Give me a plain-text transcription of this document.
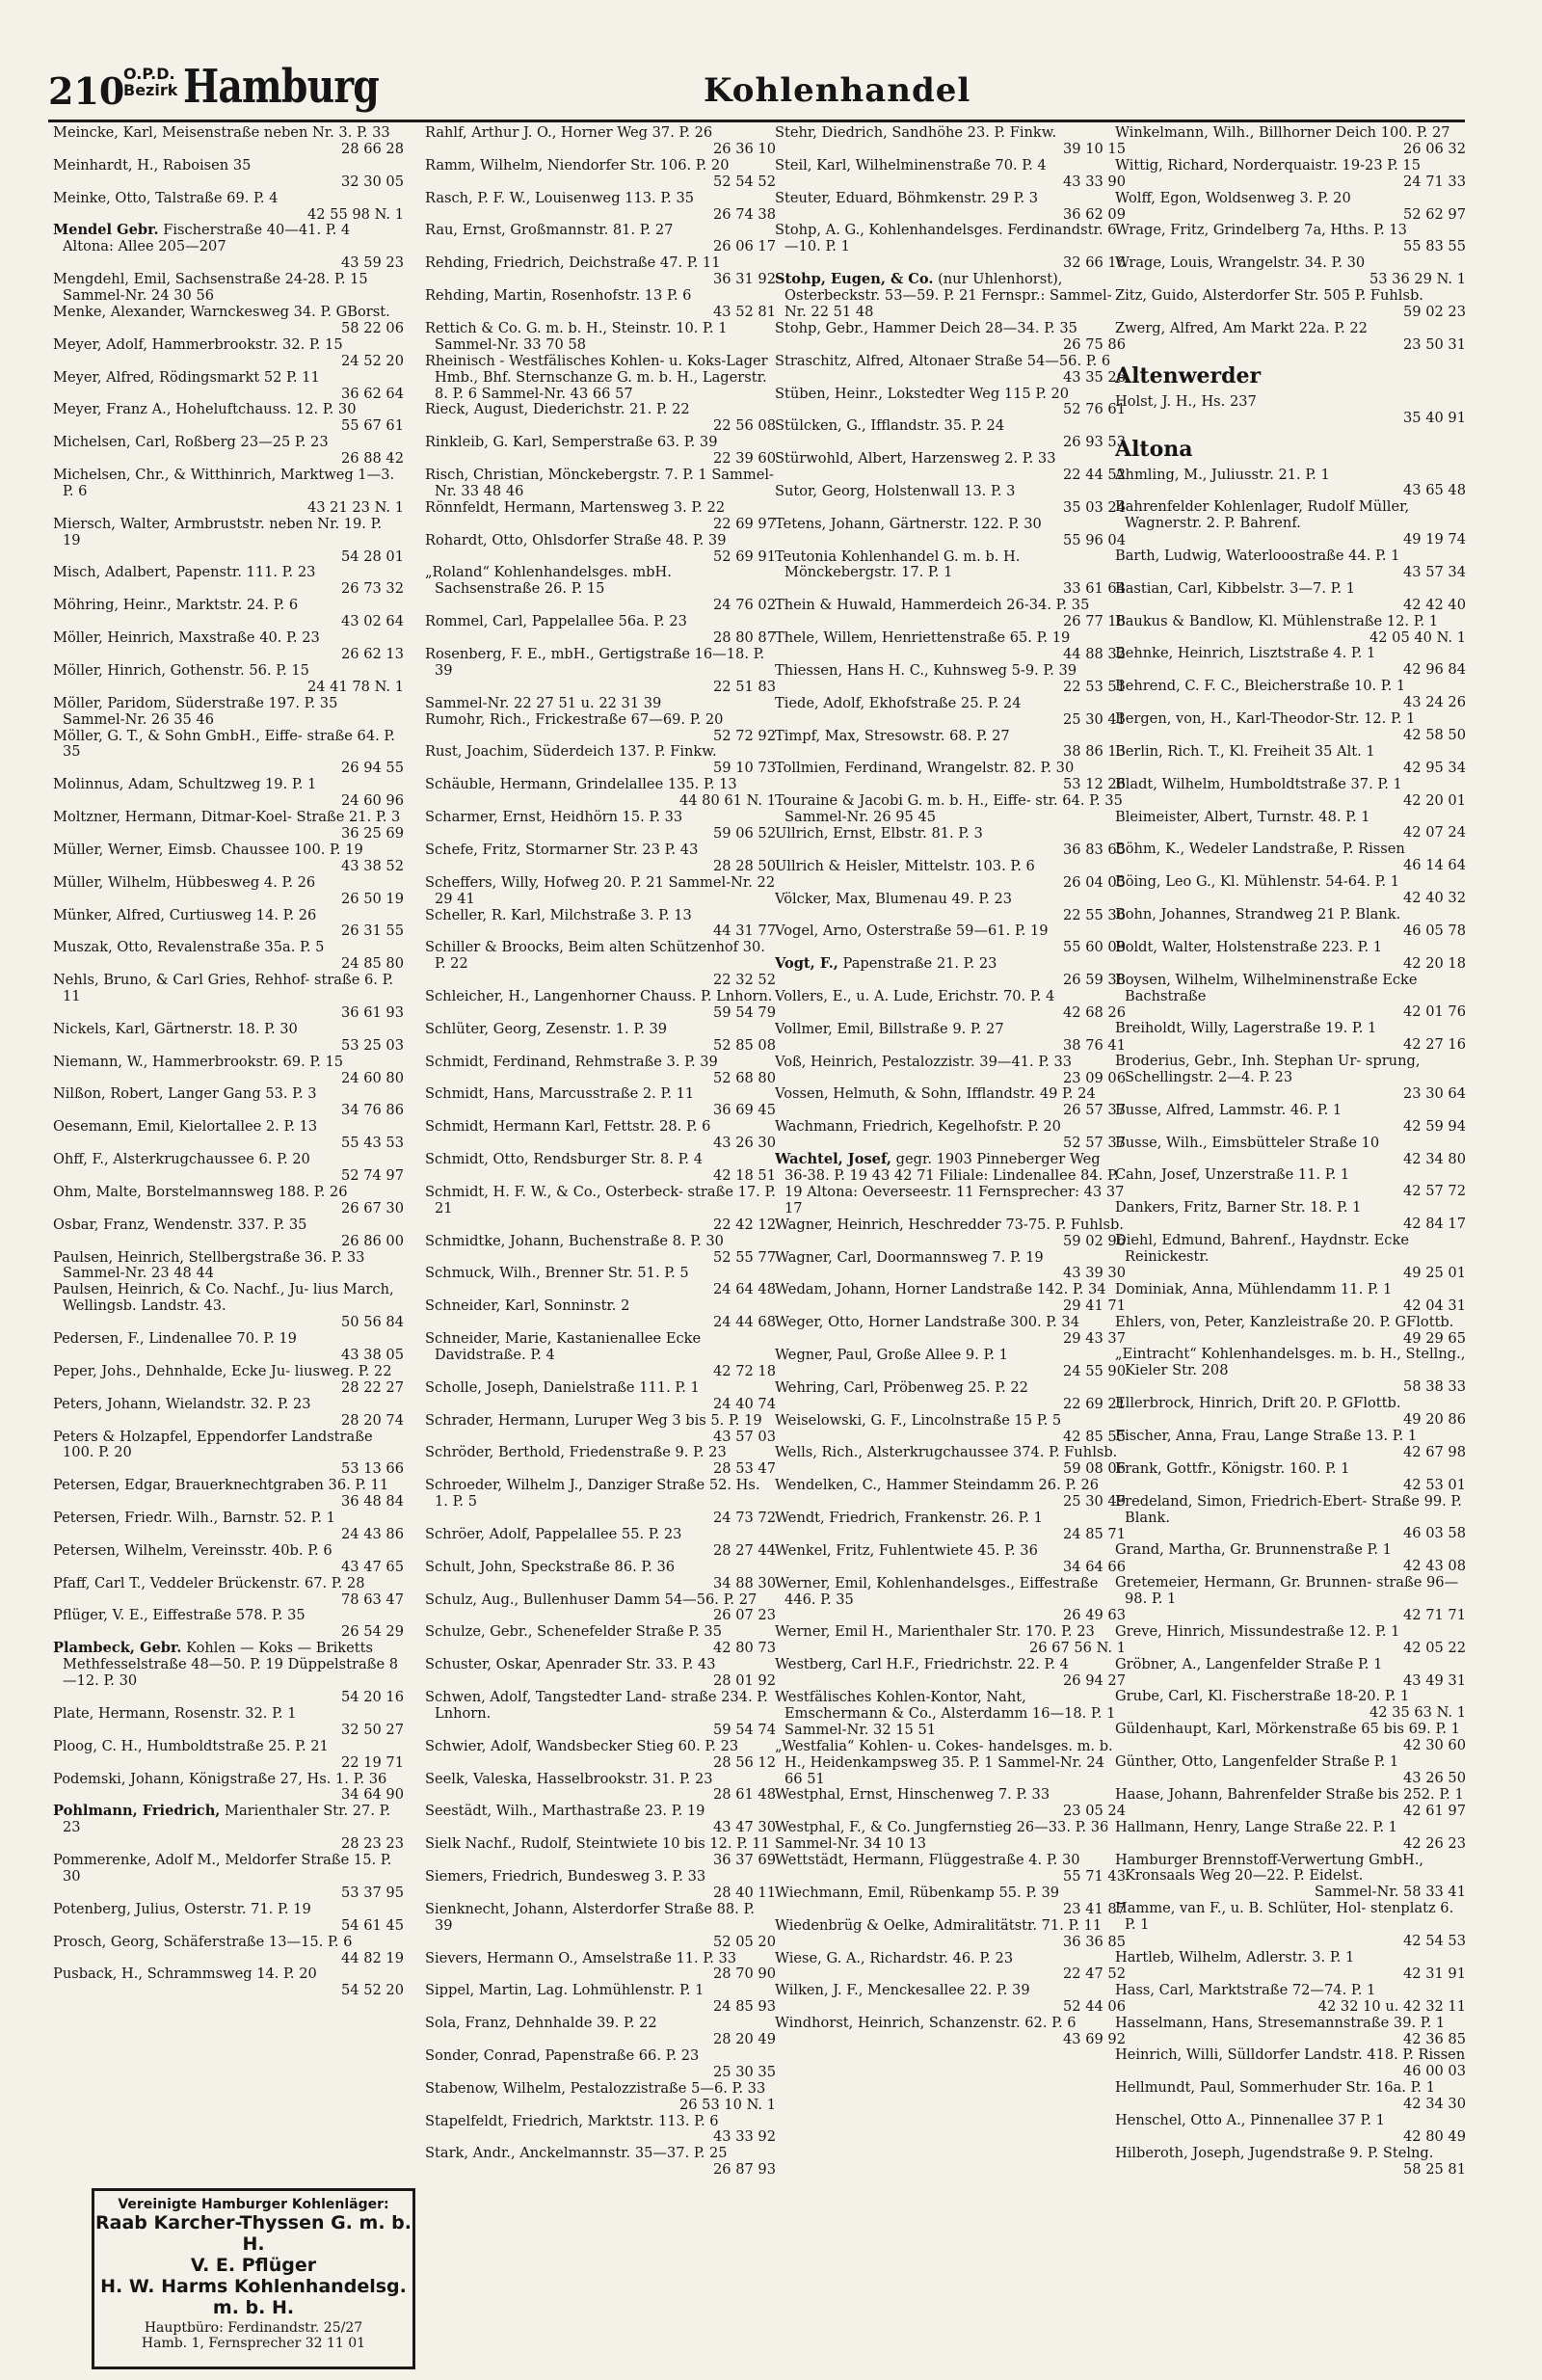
210
O.P.D.
Bezirk Hamburg	Kohlenhandel
Meincke, Karl, Meisenstraße neben Nr. 3. P. 33
28 66 28
Meinhardt, H., Raboisen 35
32 30 05
Meinke, Otto, Talstraße 69. P. 4
42 55 98 N. 1
Mendel Gebr. Fischerstraße 40—41. P. 4 Altona: Allee 205—207
43 59 23
Mengdehl, Emil, Sachsenstraße 24-28. P. 15 Sammel-Nr. 24 30 56
Menke, Alexander, Warnckesweg 34. P. GBorst.
58 22 06
Meyer, Adolf, Hammerbrookstr. 32. P. 15
24 52 20
Meyer, Alfred, Rödingsmarkt 52 P. 11
36 62 64
Meyer, Franz A., Hoheluftchauss. 12. P. 30
55 67 61
Michelsen, Carl, Roßberg 23—25 P. 23
26 88 42
Michelsen, Chr., & Witthinrich, Marktweg 1—3. P. 6
43 21 23 N. 1
Miersch, Walter, Armbruststr. neben Nr. 19. P. 19
54 28 01
Misch, Adalbert, Papenstr. 111. P. 23
26 73 32
Möhring, Heinr., Marktstr. 24. P. 6
43 02 64
Möller, Heinrich, Maxstraße 40. P. 23
26 62 13
Möller, Hinrich, Gothenstr. 56. P. 15
24 41 78 N. 1
Möller, Paridom, Süderstraße 197. P. 35 Sammel-Nr. 26 35 46
Möller, G. T., & Sohn GmbH., Eiffe- straße 64. P. 35
26 94 55
Molinnus, Adam, Schultzweg 19. P. 1
24 60 96
Moltzner, Hermann, Ditmar-Koel- Straße 21. P. 3
36 25 69
Müller, Werner, Eimsb. Chaussee 100. P. 19
43 38 52
Müller, Wilhelm, Hübbesweg 4. P. 26
26 50 19
Münker, Alfred, Curtiusweg 14. P. 26
26 31 55
Muszak, Otto, Revalenstraße 35a. P. 5
24 85 80
Nehls, Bruno, & Carl Gries, Rehhof- straße 6. P. 11
36 61 93
Nickels, Karl, Gärtnerstr. 18. P. 30
53 25 03
Niemann, W., Hammerbrookstr. 69. P. 15
24 60 80
Nilßon, Robert, Langer Gang 53. P. 3
34 76 86
Oesemann, Emil, Kielortallee 2. P. 13
55 43 53
Ohff, F., Alsterkrugchaussee 6. P. 20
52 74 97
Ohm, Malte, Borstelmannsweg 188. P. 26
26 67 30
Osbar, Franz, Wendenstr. 337. P. 35
26 86 00
Paulsen, Heinrich, Stellbergstraße 36. P. 33 Sammel-Nr. 23 48 44
Paulsen, Heinrich, & Co. Nachf., Ju- lius March, Wellingsb. Landstr. 43.
50 56 84
Pedersen, F., Lindenallee 70. P. 19
43 38 05
Peper, Johs., Dehnhalde, Ecke Ju- liusweg. P. 22
28 22 27
Peters, Johann, Wielandstr. 32. P. 23
28 20 74
Peters & Holzapfel, Eppendorfer Landstraße 100. P. 20
53 13 66
Petersen, Edgar, Brauerknechtgraben 36. P. 11
36 48 84
Petersen, Friedr. Wilh., Barnstr. 52. P. 1
24 43 86
Petersen, Wilhelm, Vereinsstr. 40b. P. 6
43 47 65
Pfaff, Carl T., Veddeler Brückenstr. 67. P. 28
78 63 47
Pflüger, V. E., Eiffestraße 578. P. 35
26 54 29
Plambeck, Gebr. Kohlen — Koks — Briketts Methfesselstraße 48—50. P. 19 Düppelstraße 8—12. P. 30
54 20 16
Plate, Hermann, Rosenstr. 32. P. 1
32 50 27
Ploog, C. H., Humboldtstraße 25. P. 21
22 19 71
Podemski, Johann, Königstraße 27, Hs. 1. P. 36
34 64 90
Pohlmann, Friedrich, Marienthaler Str. 27. P. 23
28 23 23
Pommerenke, Adolf M., Meldorfer Straße 15. P. 30
53 37 95
Potenberg, Julius, Osterstr. 71. P. 19
54 61 45
Prosch, Georg, Schäferstraße 13—15. P. 6
44 82 19
Pusback, H., Schrammsweg 14. P. 20
54 52 20
Rahlf, Arthur J. O., Horner Weg 37. P. 26
26 36 10
Ramm, Wilhelm, Niendorfer Str. 106. P. 20
52 54 52
Rasch, P. F. W., Louisenweg 113. P. 35
26 74 38
Rau, Ernst, Großmannstr. 81. P. 27
26 06 17
Rehding, Friedrich, Deichstraße 47. P. 11
36 31 92
Rehding, Martin, Rosenhofstr. 13 P. 6
43 52 81
Rettich & Co. G. m. b. H., Steinstr. 10. P. 1 Sammel-Nr. 33 70 58
Rheinisch - Westfälisches Kohlen- u. Koks-Lager Hmb., Bhf. Sternschanze G. m. b. H., Lagerstr. 8. P. 6 Sammel-Nr. 43 66 57
Rieck, August, Diederichstr. 21. P. 22
22 56 08
Rinkleib, G. Karl, Semperstraße 63. P. 39
22 39 60
Risch, Christian, Mönckebergstr. 7. P. 1 Sammel-Nr. 33 48 46
Rönnfeldt, Hermann, Martensweg 3. P. 22
22 69 97
Rohardt, Otto, Ohlsdorfer Straße 48. P. 39
52 69 91
„Roland“ Kohlenhandelsges. mbH. Sachsenstraße 26. P. 15
24 76 02
Rommel, Carl, Pappelallee 56a. P. 23
28 80 87
Rosenberg, F. E., mbH., Gertigstraße 16—18. P. 39
22 51 83
Sammel-Nr. 22 27 51 u. 22 31 39
Rumohr, Rich., Frickestraße 67—69. P. 20
52 72 92
Rust, Joachim, Süderdeich 137. P. Finkw.
59 10 73
Schäuble, Hermann, Grindelallee 135. P. 13
44 80 61 N. 1
Scharmer, Ernst, Heidhörn 15. P. 33
59 06 52
Schefe, Fritz, Stormarner Str. 23 P. 43
28 28 50
Scheffers, Willy, Hofweg 20. P. 21 Sammel-Nr. 22 29 41
Scheller, R. Karl, Milchstraße 3. P. 13
44 31 77
Schiller & Broocks, Beim alten Schützenhof 30. P. 22
22 32 52
Schleicher, H., Langenhorner Chauss. P. Lnhorn.
59 54 79
Schlüter, Georg, Zesenstr. 1. P. 39
52 85 08
Schmidt, Ferdinand, Rehmstraße 3. P. 39
52 68 80
Schmidt, Hans, Marcusstraße 2. P. 11
36 69 45
Schmidt, Hermann Karl, Fettstr. 28. P. 6
43 26 30
Schmidt, Otto, Rendsburger Str. 8. P. 4
42 18 51
Schmidt, H. F. W., & Co., Osterbeck- straße 17. P. 21
22 42 12
Schmidtke, Johann, Buchenstraße 8. P. 30
52 55 77
Schmuck, Wilh., Brenner Str. 51. P. 5
24 64 48
Schneider, Karl, Sonninstr. 2
24 44 68
Schneider, Marie, Kastanienallee Ecke Davidstraße. P. 4
42 72 18
Scholle, Joseph, Danielstraße 111. P. 1
24 40 74
Schrader, Hermann, Luruper Weg 3 bis 5. P. 19
43 57 03
Schröder, Berthold, Friedenstraße 9. P. 23
28 53 47
Schroeder, Wilhelm J., Danziger Straße 52. Hs. 1. P. 5
24 73 72
Schröer, Adolf, Pappelallee 55. P. 23
28 27 44
Schult, John, Speckstraße 86. P. 36
34 88 30
Schulz, Aug., Bullenhuser Damm 54—56. P. 27
26 07 23
Schulze, Gebr., Schenefelder Straße P. 35
42 80 73
Schuster, Oskar, Apenrader Str. 33. P. 43
28 01 92
Schwen, Adolf, Tangstedter Land- straße 234. P. Lnhorn.
59 54 74
Schwier, Adolf, Wandsbecker Stieg 60. P. 23
28 56 12
Seelk, Valeska, Hasselbrookstr. 31. P. 23
28 61 48
Seestädt, Wilh., Marthastraße 23. P. 19
43 47 30
Sielk Nachf., Rudolf, Steintwiete 10 bis 12. P. 11
36 37 69
Siemers, Friedrich, Bundesweg 3. P. 33
28 40 11
Sienknecht, Johann, Alsterdorfer Straße 88. P. 39
52 05 20
Sievers, Hermann O., Amselstraße 11. P. 33
28 70 90
Sippel, Martin, Lag. Lohmühlenstr. P. 1
24 85 93
Sola, Franz, Dehnhalde 39. P. 22
28 20 49
Sonder, Conrad, Papenstraße 66. P. 23
25 30 35
Stabenow, Wilhelm, Pestalozzistraße 5—6. P. 33
26 53 10 N. 1
Stapelfeldt, Friedrich, Marktstr. 113. P. 6
43 33 92
Stark, Andr., Anckelmannstr. 35—37. P. 25
26 87 93
Stehr, Diedrich, Sandhöhe 23. P. Finkw.
39 10 15
Steil, Karl, Wilhelminenstraße 70. P. 4
43 33 90
Steuter, Eduard, Böhmkenstr. 29 P. 3
36 62 09
Stohp, A. G., Kohlenhandelsges. Ferdinandstr. 6—10. P. 1
32 66 16
Stohp, Eugen, & Co. (nur Uhlenhorst), Osterbeckstr. 53—59. P. 21 Fernspr.: Sammel-Nr. 22 51 48
Stohp, Gebr., Hammer Deich 28—34. P. 35
26 75 86
Straschitz, Alfred, Altonaer Straße 54—56. P. 6
43 35 26
Stüben, Heinr., Lokstedter Weg 115 P. 20
52 76 61
Stülcken, G., Ifflandstr. 35. P. 24
26 93 53
Stürwohld, Albert, Harzensweg 2. P. 33
22 44 52
Sutor, Georg, Holstenwall 13. P. 3
35 03 24
Tetens, Johann, Gärtnerstr. 122. P. 30
55 96 04
Teutonia Kohlenhandel G. m. b. H. Mönckebergstr. 17. P. 1
33 61 64
Thein & Huwald, Hammerdeich 26-34. P. 35
26 77 18
Thele, Willem, Henriettenstraße 65. P. 19
44 88 32
Thiessen, Hans H. C., Kuhnsweg 5-9. P. 39
22 53 51
Tiede, Adolf, Ekhofstraße 25. P. 24
25 30 41
Timpf, Max, Stresowstr. 68. P. 27
38 86 13
Tollmien, Ferdinand, Wrangelstr. 82. P. 30
53 12 26
Touraine & Jacobi G. m. b. H., Eiffe- str. 64. P. 35 Sammel-Nr. 26 95 45
Ullrich, Ernst, Elbstr. 81. P. 3
36 83 65
Ullrich & Heisler, Mittelstr. 103. P. 6
26 04 05
Völcker, Max, Blumenau 49. P. 23
22 55 36
Vogel, Arno, Osterstraße 59—61. P. 19
55 60 09
Vogt, F., Papenstraße 21. P. 23
26 59 38
Vollers, E., u. A. Lude, Erichstr. 70. P. 4
42 68 26
Vollmer, Emil, Billstraße 9. P. 27
38 76 41
Voß, Heinrich, Pestalozzistr. 39—41. P. 33
23 09 06
Vossen, Helmuth, & Sohn, Ifflandstr. 49 P. 24
26 57 37
Wachmann, Friedrich, Kegelhofstr. P. 20
52 57 37
Wachtel, Josef, gegr. 1903 Pinneberger Weg 36-38. P. 19 43 42 71 Filiale: Lindenallee 84. P. 19 Altona: Oeverseestr. 11 Fernsprecher: 43 37 17
Wagner, Heinrich, Heschredder 73-75. P. Fuhlsb.
59 02 96
Wagner, Carl, Doormannsweg 7. P. 19
43 39 30
Wedam, Johann, Horner Landstraße 142. P. 34
29 41 71
Weger, Otto, Horner Landstraße 300. P. 34
29 43 37
Wegner, Paul, Große Allee 9. P. 1
24 55 90
Wehring, Carl, Pröbenweg 25. P. 22
22 69 21
Weiselowski, G. F., Lincolnstraße 15 P. 5
42 85 55
Wells, Rich., Alsterkrugchaussee 374. P. Fuhlsb.
59 08 06
Wendelken, C., Hammer Steindamm 26. P. 26
25 30 49
Wendt, Friedrich, Frankenstr. 26. P. 1
24 85 71
Wenkel, Fritz, Fuhlentwiete 45. P. 36
34 64 66
Werner, Emil, Kohlenhandelsges., Eiffestraße 446. P. 35
26 49 63
Werner, Emil H., Marienthaler Str. 170. P. 23
26 67 56 N. 1
Westberg, Carl H.F., Friedrichstr. 22. P. 4
26 94 27
Westfälisches Kohlen-Kontor, Naht, Emschermann & Co., Alsterdamm 16—18. P. 1 Sammel-Nr. 32 15 51
„Westfalia“ Kohlen- u. Cokes- handelsges. m. b. H., Heidenkampsweg 35. P. 1 Sammel-Nr. 24 66 51
Westphal, Ernst, Hinschenweg 7. P. 33
23 05 24
Westphal, F., & Co. Jungfernstieg 26—33. P. 36
Sammel-Nr. 34 10 13
Wettstädt, Hermann, Flüggestraße 4. P. 30
55 71 43
Wiechmann, Emil, Rübenkamp 55. P. 39
23 41 87
Wiedenbrüg & Oelke, Admiralitätstr. 71. P. 11
36 36 85
Wiese, G. A., Richardstr. 46. P. 23
22 47 52
Wilken, J. F., Menckesallee 22. P. 39
52 44 06
Windhorst, Heinrich, Schanzenstr. 62. P. 6
43 69 92
Winkelmann, Wilh., Billhorner Deich 100. P. 27
26 06 32
Wittig, Richard, Norderquaistr. 19-23 P. 15
24 71 33
Wolff, Egon, Woldsenweg 3. P. 20
52 62 97
Wrage, Fritz, Grindelberg 7a, Hths. P. 13
55 83 55
Wrage, Louis, Wrangelstr. 34. P. 30
53 36 29 N. 1
Zitz, Guido, Alsterdorfer Str. 505 P. Fuhlsb.
59 02 23
Zwerg, Alfred, Am Markt 22a. P. 22
23 50 31
Altenwerder
Holst, J. H., Hs. 237
35 40 91
Altona
Ahmling, M., Juliusstr. 21. P. 1
43 65 48
Bahrenfelder Kohlenlager, Rudolf Müller, Wagnerstr. 2. P. Bahrenf.
49 19 74
Barth, Ludwig, Waterlooostraße 44. P. 1
43 57 34
Bastian, Carl, Kibbelstr. 3—7. P. 1
42 42 40
Baukus & Bandlow, Kl. Mühlenstraße 12. P. 1
42 05 40 N. 1
Behnke, Heinrich, Lisztstraße 4. P. 1
42 96 84
Behrend, C. F. C., Bleicherstraße 10. P. 1
43 24 26
Bergen, von, H., Karl-Theodor-Str. 12. P. 1
42 58 50
Berlin, Rich. T., Kl. Freiheit 35 Alt. 1
42 95 34
Bladt, Wilhelm, Humboldtstraße 37. P. 1
42 20 01
Bleimeister, Albert, Turnstr. 48. P. 1
42 07 24
Böhm, K., Wedeler Landstraße, P. Rissen
46 14 64
Böing, Leo G., Kl. Mühlenstr. 54-64. P. 1
42 40 32
Bohn, Johannes, Strandweg 21 P. Blank.
46 05 78
Boldt, Walter, Holstenstraße 223. P. 1
42 20 18
Boysen, Wilhelm, Wilhelminenstraße Ecke Bachstraße
42 01 76
Breiholdt, Willy, Lagerstraße 19. P. 1
42 27 16
Broderius, Gebr., Inh. Stephan Ur- sprung, Schellingstr. 2—4. P. 23
23 30 64
Busse, Alfred, Lammstr. 46. P. 1
42 59 94
Busse, Wilh., Eimsbütteler Straße 10
42 34 80
Cahn, Josef, Unzerstraße 11. P. 1
42 57 72
Dankers, Fritz, Barner Str. 18. P. 1
42 84 17
Diehl, Edmund, Bahrenf., Haydnstr. Ecke Reinickestr.
49 25 01
Dominiak, Anna, Mühlendamm 11. P. 1
42 04 31
Ehlers, von, Peter, Kanzleistraße 20. P. GFlottb.
49 29 65
„Eintracht“ Kohlenhandelsges. m. b. H., Stellng., Kieler Str. 208
58 38 33
Ellerbrock, Hinrich, Drift 20. P. GFlottb.
49 20 86
Fischer, Anna, Frau, Lange Straße 13. P. 1
42 67 98
Frank, Gottfr., Königstr. 160. P. 1
42 53 01
Fredeland, Simon, Friedrich-Ebert- Straße 99. P. Blank.
46 03 58
Grand, Martha, Gr. Brunnenstraße P. 1
42 43 08
Gretemeier, Hermann, Gr. Brunnen- straße 96—98. P. 1
42 71 71
Greve, Hinrich, Missundestraße 12. P. 1
42 05 22
Gröbner, A., Langenfelder Straße P. 1
43 49 31
Grube, Carl, Kl. Fischerstraße 18-20. P. 1
42 35 63 N. 1
Güldenhaupt, Karl, Mörkenstraße 65 bis 69. P. 1
42 30 60
Günther, Otto, Langenfelder Straße P. 1
43 26 50
Haase, Johann, Bahrenfelder Straße bis 252. P. 1
42 61 97
Hallmann, Henry, Lange Straße 22. P. 1
42 26 23
Hamburger Brennstoff-Verwertung GmbH., Kronsaals Weg 20—22. P. Eidelst.
Sammel-Nr. 58 33 41
Hamme, van F., u. B. Schlüter, Hol- stenplatz 6. P. 1
42 54 53
Hartleb, Wilhelm, Adlerstr. 3. P. 1
42 31 91
Hass, Carl, Marktstraße 72—74. P. 1
42 32 10 u. 42 32 11
Hasselmann, Hans, Stresemannstraße 39. P. 1
42 36 85
Heinrich, Willi, Sülldorfer Landstr. 418. P. Rissen
46 00 03
Hellmundt, Paul, Sommerhuder Str. 16a. P. 1
42 34 30
Henschel, Otto A., Pinnenallee 37 P. 1
42 80 49
Hilberoth, Joseph, Jugendstraße 9. P. Stelng.
58 25 81
Vereinigte Hamburger Kohlenläger:
Raab Karcher-Thyssen G. m. b. H.
V. E. Pflüger
H. W. Harms Kohlenhandelsg. m. b. H.
Hauptbüro: Ferdinandstr. 25/27
Hamb. 1, Fernsprecher 32 11 01
